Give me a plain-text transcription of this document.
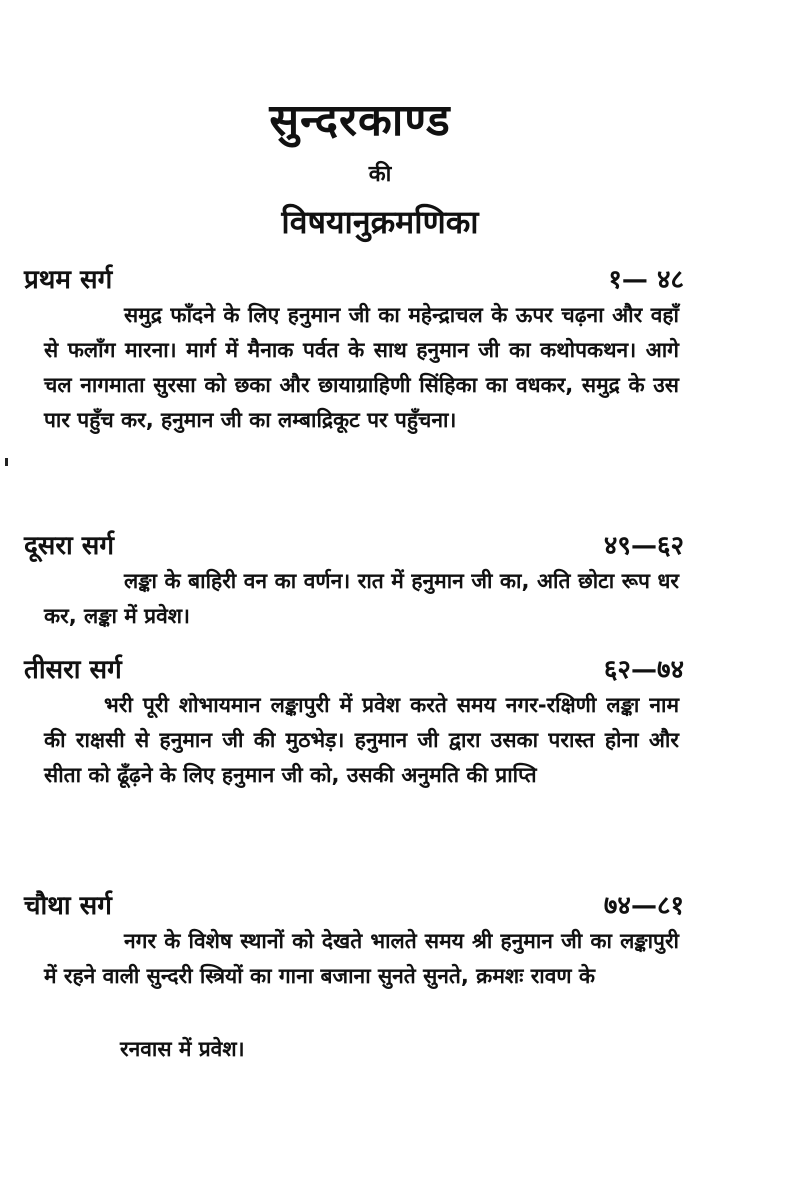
सुन्दरकाण्ड
की
विषयानुक्रमणिका
प्रथम सर्ग	१— ४८
समुद्र फाँदने के लिए हनुमान जी का महेन्द्राचल के ऊपर चढ़ना और वहाँ से फलाँग मारना। मार्ग में मैनाक पर्वत के साथ हनुमान जी का कथोपकथन। आगे चल नागमाता सुरसा को छका और छायाग्राहिणी सिंहिका का वधकर, समुद्र के उस पार पहुँच कर, हनुमान जी का लम्बाद्रिकूट पर पहुँचना।
दूसरा सर्ग	४९—६२
लङ्का के बाहिरी वन का वर्णन। रात में हनुमान जी का, अति छोटा रूप धर कर, लङ्का में प्रवेश।
तीसरा सर्ग	६२—७४
भरी पूरी शोभायमान लङ्कापुरी में प्रवेश करते समय नगर-रक्षिणी लङ्का नाम की राक्षसी से हनुमान जी की मुठभेड़। हनुमान जी द्वारा उसका परास्त होना और सीता को ढूँढ़ने के लिए हनुमान जी को, उसकी अनुमति की प्राप्ति
चौथा सर्ग	७४—८१
नगर के विशेष स्थानों को देखते भालते समय श्री हनुमान जी का लङ्कापुरी में रहने वाली सुन्दरी स्त्रियों का गाना बजाना सुनते सुनते, क्रमशः रावण के
रनवास में प्रवेश।
